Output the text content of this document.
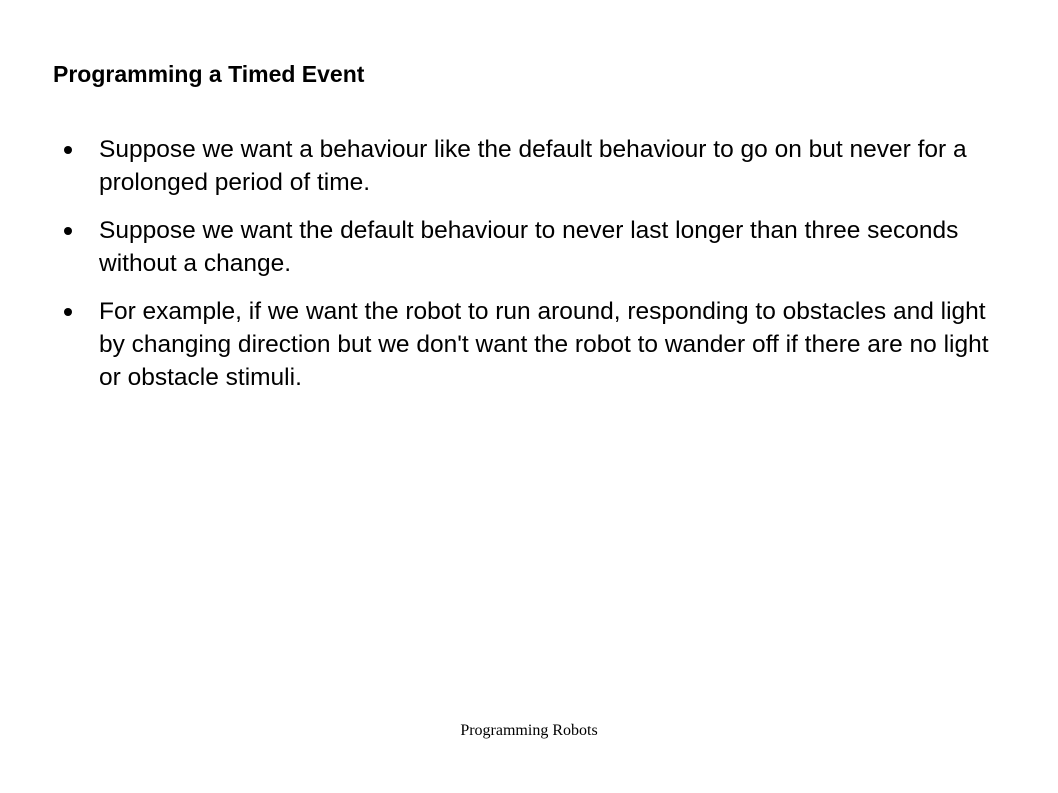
Programming a Timed Event
Suppose we want a behaviour like the default behaviour to go on but never for a prolonged period of time.
Suppose we want the default behaviour to never last longer than three seconds without a change.
For example, if we want the robot to run around, responding to obstacles and light by changing direction but we don't want the robot to wander off if there are no light or obstacle stimuli.

Programming Robots
